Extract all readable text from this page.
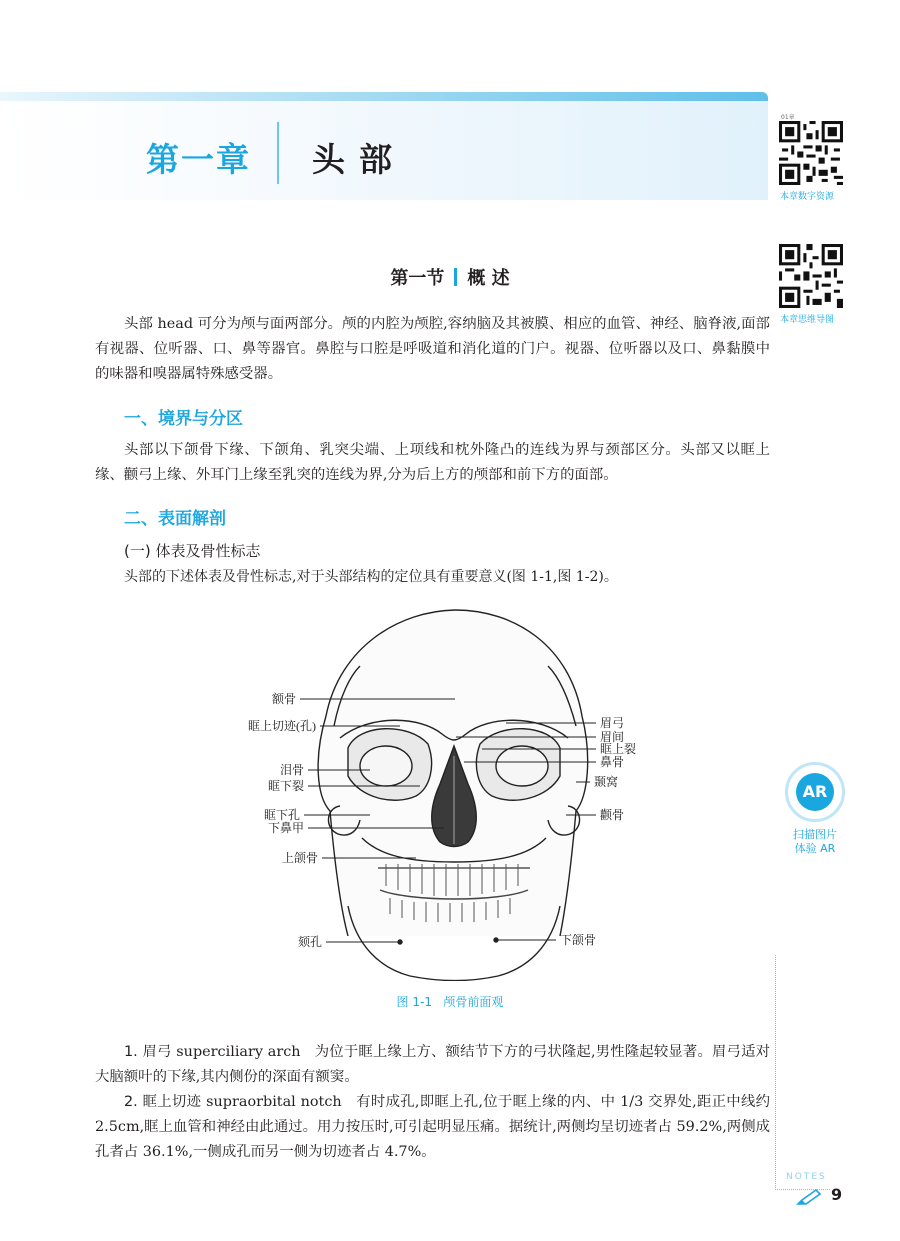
第一章 头部
01章
本章数字资源
本章思维导图
第一节 概 述
头部 head 可分为颅与面两部分。颅的内腔为颅腔,容纳脑及其被膜、相应的血管、神经、脑脊液,面部有视器、位听器、口、鼻等器官。鼻腔与口腔是呼吸道和消化道的门户。视器、位听器以及口、鼻黏膜中的味器和嗅器属特殊感受器。
一、境界与分区
头部以下颌骨下缘、下颌角、乳突尖端、上项线和枕外隆凸的连线为界与颈部区分。头部又以眶上缘、颧弓上缘、外耳门上缘至乳突的连线为界,分为后上方的颅部和前下方的面部。
二、表面解剖
(一) 体表及骨性标志
头部的下述体表及骨性标志,对于头部结构的定位具有重要意义(图 1-1,图 1-2)。
额骨
眶上切迹(孔)
泪骨
眶下裂
眶下孔
下鼻甲
上颌骨
颏孔
眉弓
眉间
眶上裂
鼻骨
颞窝
颧骨
下颌骨
图 1-1 颅骨前面观
AR
扫描图片
体验 AR
1. 眉弓 superciliary arch 为位于眶上缘上方、额结节下方的弓状隆起,男性隆起较显著。眉弓适对大脑额叶的下缘,其内侧份的深面有额窦。
2. 眶上切迹 supraorbital notch 有时成孔,即眶上孔,位于眶上缘的内、中 1/3 交界处,距正中线约 2.5cm,眶上血管和神经由此通过。用力按压时,可引起明显压痛。据统计,两侧均呈切迹者占 59.2%,两侧成孔者占 36.1%,一侧成孔而另一侧为切迹者占 4.7%。
NOTES
9
